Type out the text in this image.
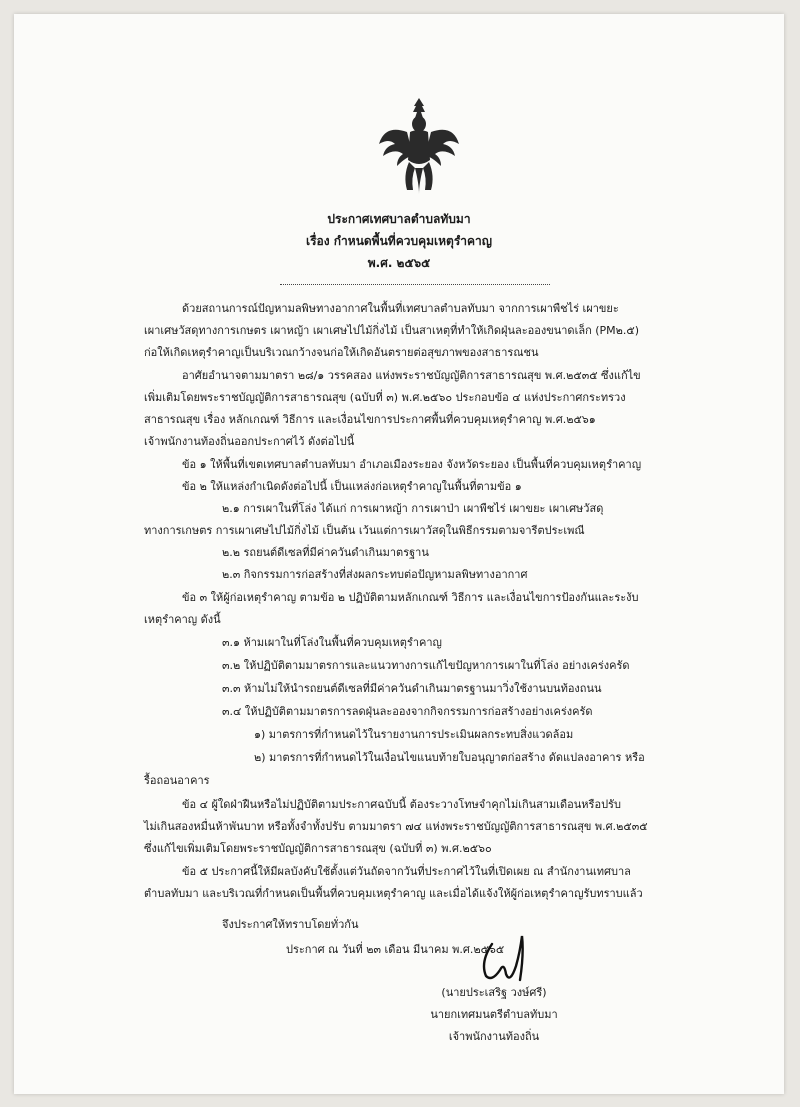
ประกาศเทศบาลตำบลทับมา
เรื่อง กำหนดพื้นที่ควบคุมเหตุรำคาญ
พ.ศ. ๒๕๖๕

ด้วยสถานการณ์ปัญหามลพิษทางอากาศในพื้นที่เทศบาลตำบลทับมา จากการเผาพืชไร่ เผาขยะ

เผาเศษวัสดุทางการเกษตร เผาหญ้า เผาเศษไปไม้กิ่งไม้ เป็นสาเหตุที่ทำให้เกิดฝุ่นละอองขนาดเล็ก (PM๒.๕)

ก่อให้เกิดเหตุรำคาญเป็นบริเวณกว้างจนก่อให้เกิดอันตรายต่อสุขภาพของสาธารณชน

อาศัยอำนาจตามมาตรา ๒๘/๑ วรรคสอง แห่งพระราชบัญญัติการสาธารณสุข พ.ศ.๒๕๓๕ ซึ่งแก้ไข

เพิ่มเติมโดยพระราชบัญญัติการสาธารณสุข (ฉบับที่ ๓) พ.ศ.๒๕๖๐ ประกอบข้อ ๔ แห่งประกาศกระทรวง

สาธารณสุข เรื่อง หลักเกณฑ์ วิธีการ และเงื่อนไขการประกาศพื้นที่ควบคุมเหตุรำคาญ พ.ศ.๒๕๖๑

เจ้าพนักงานท้องถิ่นออกประกาศไว้ ดังต่อไปนี้

ข้อ ๑ ให้พื้นที่เขตเทศบาลตำบลทับมา อำเภอเมืองระยอง จังหวัดระยอง เป็นพื้นที่ควบคุมเหตุรำคาญ

ข้อ ๒ ให้แหล่งกำเนิดดังต่อไปนี้ เป็นแหล่งก่อเหตุรำคาญในพื้นที่ตามข้อ ๑

๒.๑ การเผาในที่โล่ง ได้แก่ การเผาหญ้า การเผาป่า เผาพืชไร่ เผาขยะ เผาเศษวัสดุ

ทางการเกษตร การเผาเศษไปไม้กิ่งไม้ เป็นต้น เว้นแต่การเผาวัสดุในพิธีกรรมตามจารีตประเพณี

๒.๒ รถยนต์ดีเซลที่มีค่าควันดำเกินมาตรฐาน

๒.๓ กิจกรรมการก่อสร้างที่ส่งผลกระทบต่อปัญหามลพิษทางอากาศ

ข้อ ๓ ให้ผู้ก่อเหตุรำคาญ ตามข้อ ๒ ปฏิบัติตามหลักเกณฑ์ วิธีการ และเงื่อนไขการป้องกันและระงับ

เหตุรำคาญ ดังนี้

๓.๑ ห้ามเผาในที่โล่งในพื้นที่ควบคุมเหตุรำคาญ

๓.๒ ให้ปฏิบัติตามมาตรการและแนวทางการแก้ไขปัญหาการเผาในที่โล่ง อย่างเคร่งครัด

๓.๓ ห้ามไม่ให้นำรถยนต์ดีเซลที่มีค่าควันดำเกินมาตรฐานมาวิ่งใช้งานบนท้องถนน

๓.๔ ให้ปฏิบัติตามมาตรการลดฝุ่นละอองจากกิจกรรมการก่อสร้างอย่างเคร่งครัด

๑) มาตรการที่กำหนดไว้ในรายงานการประเมินผลกระทบสิ่งแวดล้อม

๒) มาตรการที่กำหนดไว้ในเงื่อนไขแนบท้ายใบอนุญาตก่อสร้าง ดัดแปลงอาคาร หรือ

รื้อถอนอาคาร

ข้อ ๔ ผู้ใดฝ่าฝืนหรือไม่ปฏิบัติตามประกาศฉบับนี้ ต้องระวางโทษจำคุกไม่เกินสามเดือนหรือปรับ

ไม่เกินสองหมื่นห้าพันบาท หรือทั้งจำทั้งปรับ ตามมาตรา ๗๔ แห่งพระราชบัญญัติการสาธารณสุข พ.ศ.๒๕๓๕

ซึ่งแก้ไขเพิ่มเติมโดยพระราชบัญญัติการสาธารณสุข (ฉบับที่ ๓) พ.ศ.๒๕๖๐

ข้อ ๕ ประกาศนี้ให้มีผลบังคับใช้ตั้งแต่วันถัดจากวันที่ประกาศไว้ในที่เปิดเผย ณ สำนักงานเทศบาล

ตำบลทับมา และบริเวณที่กำหนดเป็นพื้นที่ควบคุมเหตุรำคาญ และเมื่อได้แจ้งให้ผู้ก่อเหตุรำคาญรับทราบแล้ว

จึงประกาศให้ทราบโดยทั่วกัน

ประกาศ ณ วันที่ ๒๓ เดือน มีนาคม พ.ศ.๒๕๖๕

(นายประเสริฐ วงษ์ศรี)
นายกเทศมนตรีตำบลทับมา
เจ้าพนักงานท้องถิ่น
